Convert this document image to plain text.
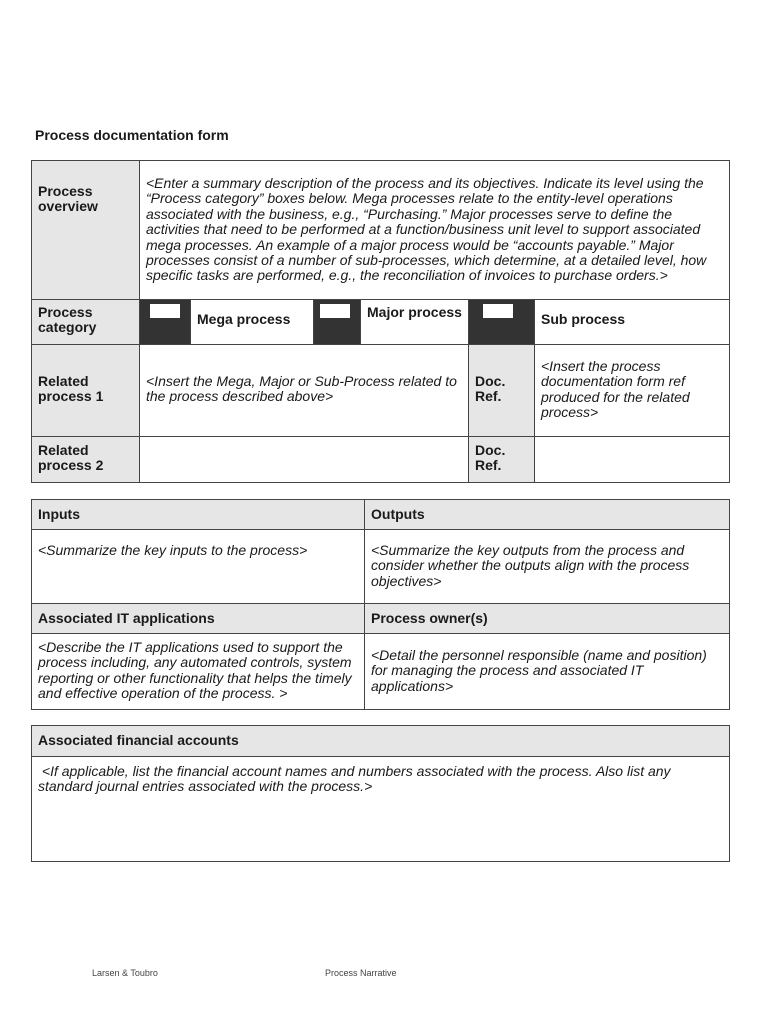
Process documentation form
Process overview	<Enter a summary description of the process and its objectives. Indicate its level using the “Process category” boxes below. Mega processes relate to the entity-level operations associated with the business, e.g., “Purchasing.” Major processes serve to define the activities that need to be performed at a function/business unit level to support associated mega processes. An example of a major process would be “accounts payable.” Major processes consist of a number of sub-processes, which determine, at a detailed level, how specific tasks are performed, e.g., the reconciliation of invoices to purchase orders.>					
Process category		Mega process		Major process		Sub process
Related process 1	<Insert the Mega, Major or Sub-Process related to the process described above>				Doc. Ref.	<Insert the process documentation form ref produced for the related process>
Related process 2					Doc. Ref.	
Inputs	Outputs
<Summarize the key inputs to the process>	<Summarize the key outputs from the process and consider whether the outputs align with the process objectives>
Associated IT applications	Process owner(s)
<Describe the IT applications used to support the process including, any automated controls, system reporting or other functionality that helps the timely and effective operation of the process. >	<Detail the personnel responsible (name and position) for managing the process and associated IT applications>
Associated financial accounts
<If applicable, list the financial account names and numbers associated with the process. Also list any standard journal entries associated with the process.>
Larsen & Toubro	Process Narrative
